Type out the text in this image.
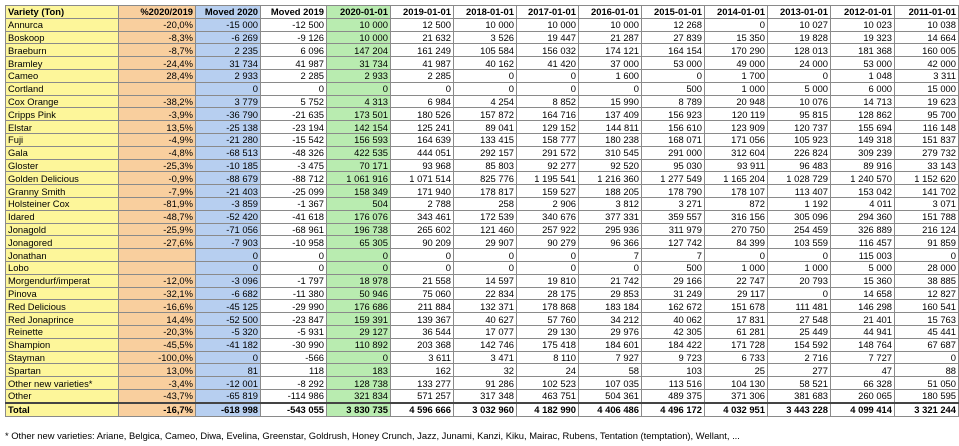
Variety (Ton)	%2020/2019	Moved 2020	Moved 2019	2020-01-01	2019-01-01	2018-01-01	2017-01-01	2016-01-01	2015-01-01	2014-01-01	2013-01-01	2012-01-01	2011-01-01
Annurca	-20,0%	-15 000	-12 500	10 000	12 500	10 000	10 000	10 000	12 268	0	10 027	10 023	10 038
Boskoop	-8,3%	-6 269	-9 126	10 000	21 632	3 526	19 447	21 287	27 839	15 350	19 828	19 323	14 664
Braeburn	-8,7%	2 235	6 096	147 204	161 249	105 584	156 032	174 121	164 154	170 290	128 013	181 368	160 005
Bramley	-24,4%	31 734	41 987	31 734	41 987	40 162	41 420	37 000	53 000	49 000	24 000	53 000	42 000
Cameo	28,4%	2 933	2 285	2 933	2 285	0	0	1 600	0	1 700	0	1 048	3 311
Cortland		0	0	0	0	0	0	0	500	1 000	5 000	6 000	15 000
Cox Orange	-38,2%	3 779	5 752	4 313	6 984	4 254	8 852	15 990	8 789	20 948	10 076	14 713	19 623
Cripps Pink	-3,9%	-36 790	-21 635	173 501	180 526	157 872	164 716	137 409	156 923	120 119	95 815	128 862	95 700
Elstar	13,5%	-25 138	-23 194	142 154	125 241	89 041	129 152	144 811	156 610	123 909	120 737	155 694	116 148
Fuji	-4,9%	-21 280	-15 542	156 593	164 639	133 415	158 777	180 238	168 071	171 056	105 923	149 318	151 837
Gala	-4,8%	-68 513	-48 326	422 535	444 051	292 157	291 572	310 545	291 000	312 604	226 824	309 239	279 732
Gloster	-25,3%	-10 185	-3 475	70 171	93 968	85 803	92 277	92 520	95 030	93 911	96 483	89 916	33 143
Golden Delicious	-0,9%	-88 679	-88 712	1 061 916	1 071 514	825 776	1 195 541	1 216 360	1 277 549	1 165 204	1 028 729	1 240 570	1 152 620
Granny Smith	-7,9%	-21 403	-25 099	158 349	171 940	178 817	159 527	188 205	178 790	178 107	113 407	153 042	141 702
Holsteiner Cox	-81,9%	-3 859	-1 367	504	2 788	258	2 906	3 812	3 271	872	1 192	4 011	3 071
Idared	-48,7%	-52 420	-41 618	176 076	343 461	172 539	340 676	377 331	359 557	316 156	305 096	294 360	151 788
Jonagold	-25,9%	-71 056	-68 961	196 738	265 602	121 460	257 922	295 936	311 979	270 750	254 459	326 889	216 124
Jonagored	-27,6%	-7 903	-10 958	65 305	90 209	29 907	90 279	96 366	127 742	84 399	103 559	116 457	91 859
Jonathan		0	0	0	0	0	0	7	7	0	0	115 003	0
Lobo		0	0	0	0	0	0	0	500	1 000	1 000	5 000	28 000
Morgendurf/imperat	-12,0%	-3 096	-1 797	18 978	21 558	14 597	19 810	21 742	29 166	22 747	20 793	15 360	38 885
Pinova	-32,1%	-6 682	-11 380	50 946	75 060	22 834	28 175	29 853	31 249	29 117	0	14 658	12 827
Red Delicious	-16,6%	-45 125	-29 990	176 686	211 884	132 371	178 868	183 184	162 672	151 678	111 481	146 298	160 541
Red Jonaprince	14,4%	-52 500	-23 847	159 391	139 367	40 627	57 760	34 212	40 062	17 831	27 548	21 401	15 763
Reinette	-20,3%	-5 320	-5 931	29 127	36 544	17 077	29 130	29 976	42 305	61 281	25 449	44 941	45 441
Shampion	-45,5%	-41 182	-30 990	110 892	203 368	142 746	175 418	184 601	184 422	171 728	154 592	148 764	67 687
Stayman	-100,0%	0	-566	0	3 611	3 471	8 110	7 927	9 723	6 733	2 716	7 727	0
Spartan	13,0%	81	118	183	162	32	24	58	103	25	277	47	88
Other new varieties*	-3,4%	-12 001	-8 292	128 738	133 277	91 286	102 523	107 035	113 516	104 130	58 521	66 328	51 050
Other	-43,7%	-65 819	-114 986	321 834	571 257	317 348	463 751	504 361	489 375	371 306	381 683	260 065	180 595
Total	-16,7%	-618 998	-543 055	3 830 735	4 596 666	3 032 960	4 182 990	4 406 486	4 496 172	4 032 951	3 443 228	4 099 414	3 321 244
* Other new varieties: Ariane, Belgica, Cameo, Diwa, Evelina, Greenstar, Goldrush, Honey Crunch, Jazz, Junami, Kanzi, Kiku, Mairac, Rubens, Tentation (temptation), Wellant, ...
